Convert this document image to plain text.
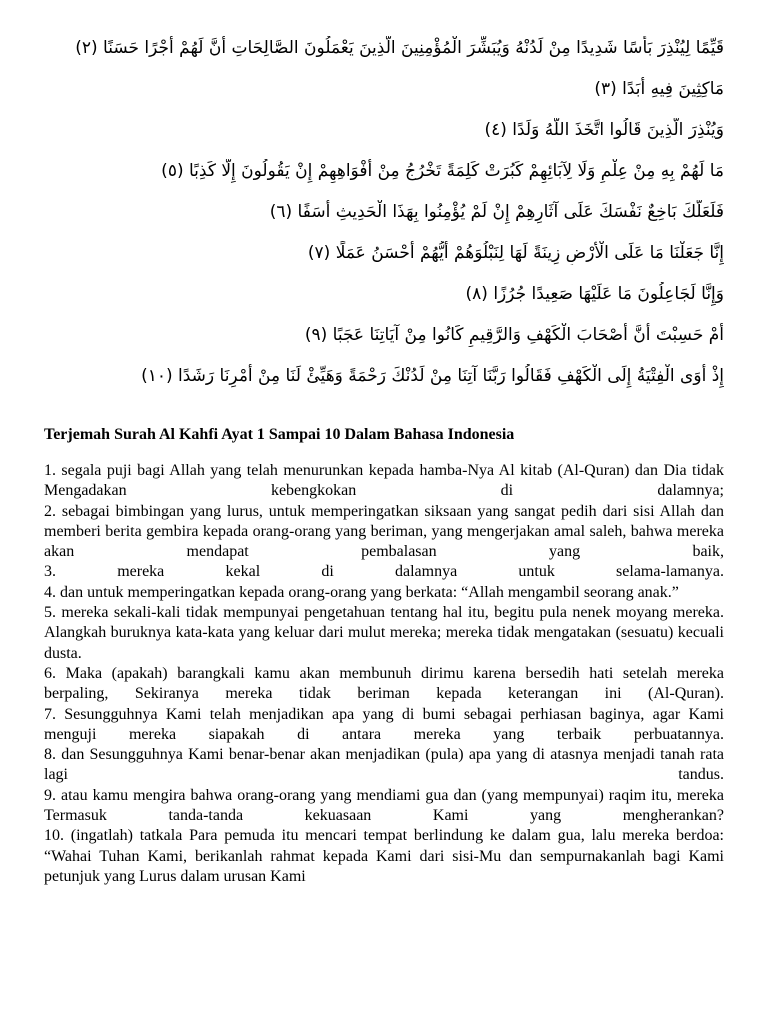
قَيِّمًا لِيُنْذِرَ بَأْسًا شَدِيدًا مِنْ لَدُنْهُ وَيُبَشِّرَ الْمُؤْمِنِينَ الَّذِينَ يَعْمَلُونَ الصَّالِحَاتِ أَنَّ لَهُمْ أَجْرًا حَسَنًا (٢)
مَاكِثِينَ فِيهِ أَبَدًا (٣)
وَيُنْذِرَ الَّذِينَ قَالُوا اتَّخَذَ اللَّهُ وَلَدًا (٤)
مَا لَهُمْ بِهِ مِنْ عِلْمٍ وَلَا لِآبَائِهِمْ كَبُرَتْ كَلِمَةً تَخْرُجُ مِنْ أَفْوَاهِهِمْ إِنْ يَقُولُونَ إِلَّا كَذِبًا (٥)
فَلَعَلَّكَ بَاخِعٌ نَفْسَكَ عَلَى آثَارِهِمْ إِنْ لَمْ يُؤْمِنُوا بِهَذَا الْحَدِيثِ أَسَفًا (٦)
إِنَّا جَعَلْنَا مَا عَلَى الْأَرْضِ زِينَةً لَهَا لِنَبْلُوَهُمْ أَيُّهُمْ أَحْسَنُ عَمَلًا (٧)
وَإِنَّا لَجَاعِلُونَ مَا عَلَيْهَا صَعِيدًا جُرُزًا (٨)
أَمْ حَسِبْتَ أَنَّ أَصْحَابَ الْكَهْفِ وَالرَّقِيمِ كَانُوا مِنْ آيَاتِنَا عَجَبًا (٩)
إِذْ أَوَى الْفِتْيَةُ إِلَى الْكَهْفِ فَقَالُوا رَبَّنَا آتِنَا مِنْ لَدُنْكَ رَحْمَةً وَهَيِّئْ لَنَا مِنْ أَمْرِنَا رَشَدًا (١٠)
Terjemah Surah Al Kahfi Ayat 1 Sampai 10 Dalam Bahasa Indonesia

1. segala puji bagi Allah yang telah menurunkan kepada hamba-Nya Al kitab (Al-Quran) dan Dia tidak Mengadakan kebengkokan di dalamnya;

2. sebagai bimbingan yang lurus, untuk memperingatkan siksaan yang sangat pedih dari sisi Allah dan memberi berita gembira kepada orang-orang yang beriman, yang mengerjakan amal saleh, bahwa mereka akan mendapat pembalasan yang baik,

3. mereka kekal di dalamnya untuk selama-lamanya.

4. dan untuk memperingatkan kepada orang-orang yang berkata: “Allah mengambil seorang anak.”

5. mereka sekali-kali tidak mempunyai pengetahuan tentang hal itu, begitu pula nenek moyang mereka. Alangkah buruknya kata-kata yang keluar dari mulut mereka; mereka tidak mengatakan (sesuatu) kecuali dusta.

6. Maka (apakah) barangkali kamu akan membunuh dirimu karena bersedih hati setelah mereka berpaling, Sekiranya mereka tidak beriman kepada keterangan ini (Al-Quran).

7. Sesungguhnya Kami telah menjadikan apa yang di bumi sebagai perhiasan baginya, agar Kami menguji mereka siapakah di antara mereka yang terbaik perbuatannya.

8. dan Sesungguhnya Kami benar-benar akan menjadikan (pula) apa yang di atasnya menjadi tanah rata lagi tandus.

9. atau kamu mengira bahwa orang-orang yang mendiami gua dan (yang mempunyai) raqim itu, mereka Termasuk tanda-tanda kekuasaan Kami yang mengherankan?

10. (ingatlah) tatkala Para pemuda itu mencari tempat berlindung ke dalam gua, lalu mereka berdoa: “Wahai Tuhan Kami, berikanlah rahmat kepada Kami dari sisi-Mu dan sempurnakanlah bagi Kami petunjuk yang Lurus dalam urusan Kami
